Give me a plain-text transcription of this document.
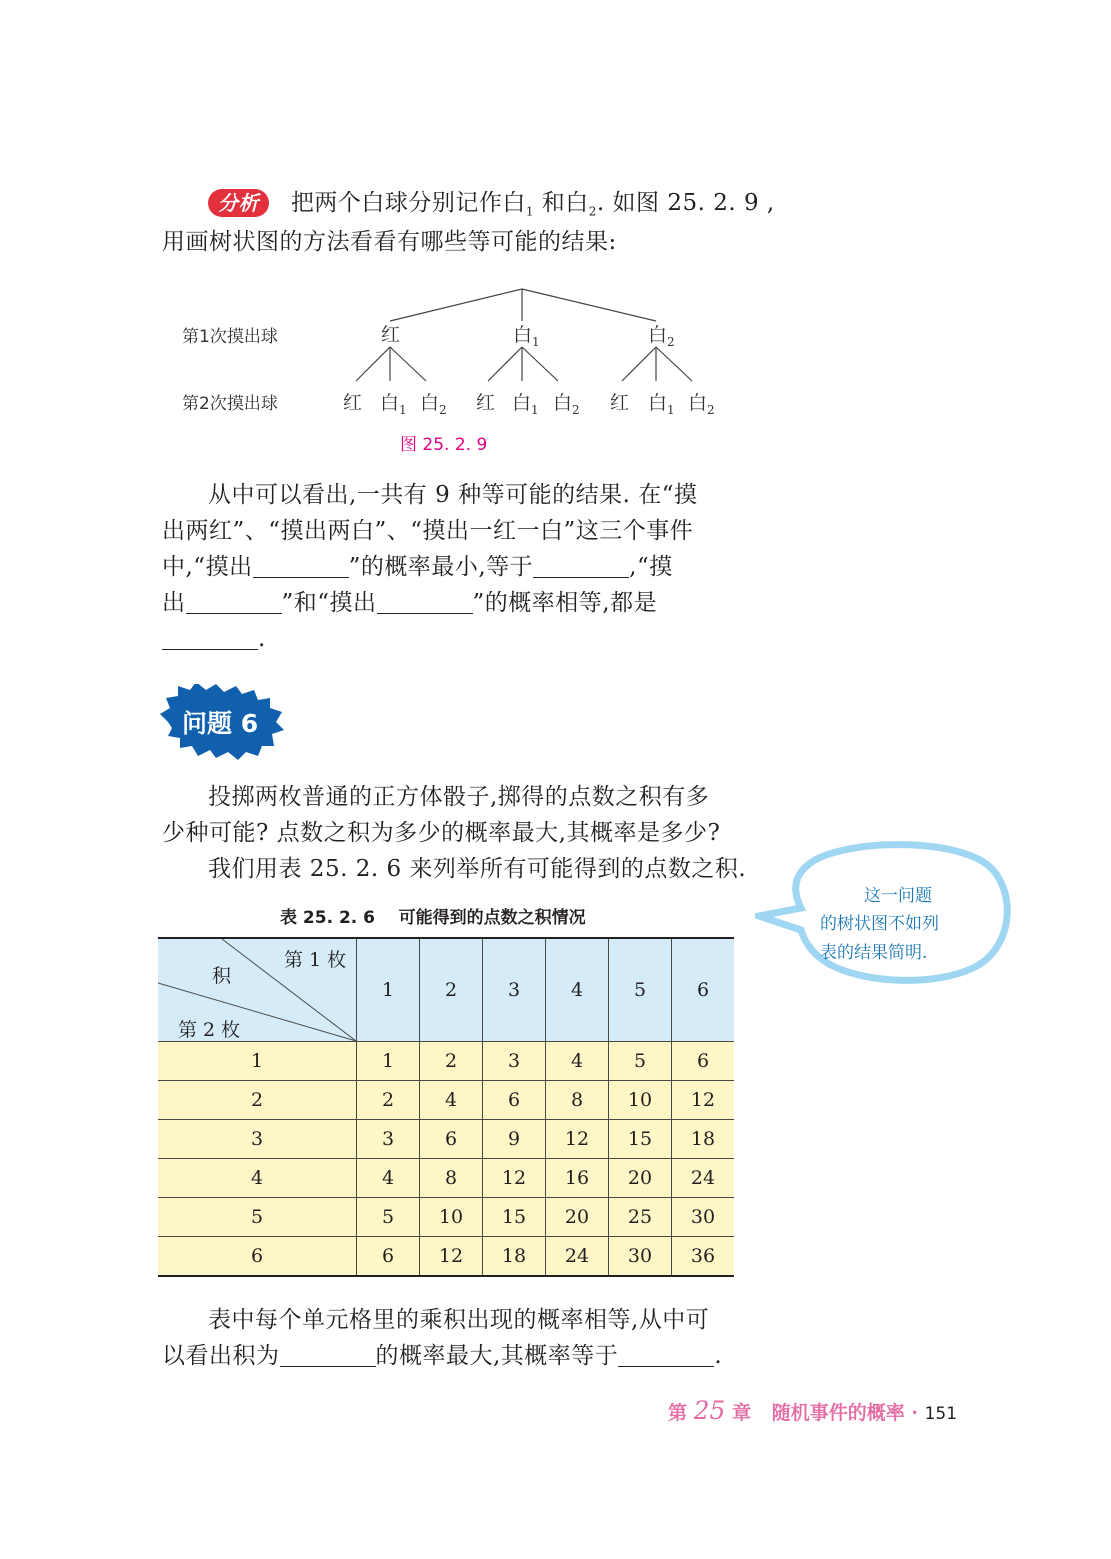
分析 把两个白球分别记作白$_1$ 和白$_2$. 如图 25. 2. 9 ,
用画树状图的方法看看有哪些等可能的结果:
第1次摸出球
第2次摸出球
红	白$_1$	白$_2$
红 白$_1$ 白$_2$ 红 白$_1$ 白$_2$ 红 白$_1$ 白$_2$
图 25. 2. 9
从中可以看出,一共有 9 种等可能的结果. 在“摸
出两红”、“摸出两白”、“摸出一红一白”这三个事件
中,“摸出	”的概率最小,等于	,“摸
出	”和“摸出	”的概率相等,都是
.
问题 6
投掷两枚普通的正方体骰子,掷得的点数之积有多
少种可能? 点数之积为多少的概率最大,其概率是多少?
我们用表 25. 2. 6 来列举所有可能得到的点数之积.
这一问题
的树状图不如列
表的结果简明.
表 25. 2. 6    可能得到的点数之积情况
第 1 枚
积
第 2 枚	1	2	3	4	5	6
1	1	2	3	4	5	6
2	2	4	6	8	10	12
3	3	6	9	12	15	18
4	4	8	12	16	20	24
5	5	10	15	20	25	30
6	6	12	18	24	30	36
表中每个单元格里的乘积出现的概率相等,从中可
以看出积为	的概率最大,其概率等于	.
第 25 章 随机事件的概率 · 151
